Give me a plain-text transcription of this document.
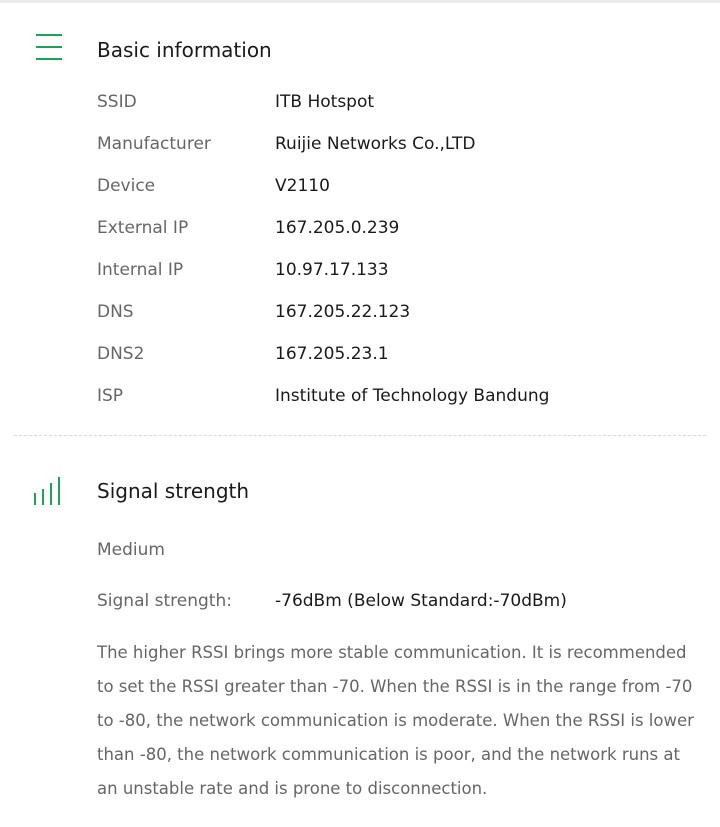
Basic information
SSID	ITB Hotspot
Manufacturer	Ruijie Networks Co.,LTD
Device	V2110
External IP	167.205.0.239
Internal IP	10.97.17.133
DNS	167.205.22.123
DNS2	167.205.23.1
ISP	Institute of Technology Bandung
Signal strength
Medium
Signal strength:	-76dBm (Below Standard:-70dBm)
The higher RSSI brings more stable communication. It is recommended to set the RSSI greater than -70. When the RSSI is in the range from -70 to -80, the network communication is moderate. When the RSSI is lower than -80, the network communication is poor, and the network runs at an unstable rate and is prone to disconnection.
